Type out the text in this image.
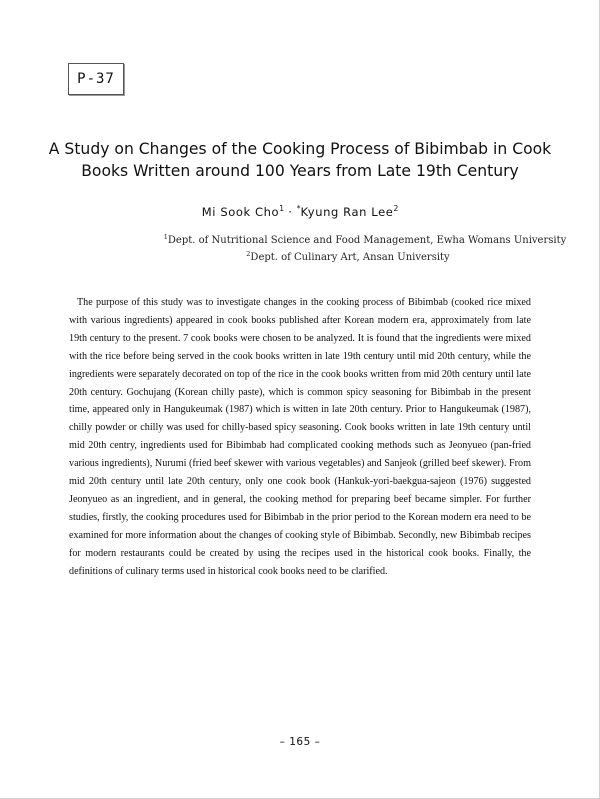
P-37
A Study on Changes of the Cooking Process of Bibimbab in Cook Books Written around 100 Years from Late 19th Century
Mi Sook Cho$^1$ · *Kyung Ran Lee$^2$
$^1$Dept. of Nutritional Science and Food Management, Ewha Womans University
$^2$Dept. of Culinary Art, Ansan University

The purpose of this study was to investigate changes in the cooking process of Bibimbab (cooked rice mixed with various ingredients) appeared in cook books published after Korean modern era, approximately from late 19th century to the present. 7 cook books were chosen to be analyzed. It is found that the ingredients were mixed with the rice before being served in the cook books written in late 19th century until mid 20th century, while the ingredients were separately decorated on top of the rice in the cook books written from mid 20th century until late 20th century. Gochujang (Korean chilly paste), which is common spicy seasoning for Bibimbab in the present time, appeared only in Hangukeumak (1987) which is witten in late 20th century. Prior to Hangukeumak (1987), chilly powder or chilly was used for chilly-based spicy seasoning. Cook books written in late 19th century until mid 20th centry, ingredients used for Bibimbab had complicated cooking methods such as Jeonyueo (pan-fried various ingredients), Nurumi (fried beef skewer with various vegetables) and Sanjeok (grilled beef skewer). From mid 20th century until late 20th century, only one cook book (Hankuk-yori-baekgua-sajeon (1976) suggested Jeonyueo as an ingredient, and in general, the cooking method for preparing beef became simpler. For further studies, firstly, the cooking procedures used for Bibimbab in the prior period to the Korean modern era need to be examined for more information about the changes of cooking style of Bibimbab. Secondly, new Bibimbab recipes for modern restaurants could be created by using the recipes used in the historical cook books. Finally, the definitions of culinary terms used in historical cook books need to be clarified.

– 165 –
